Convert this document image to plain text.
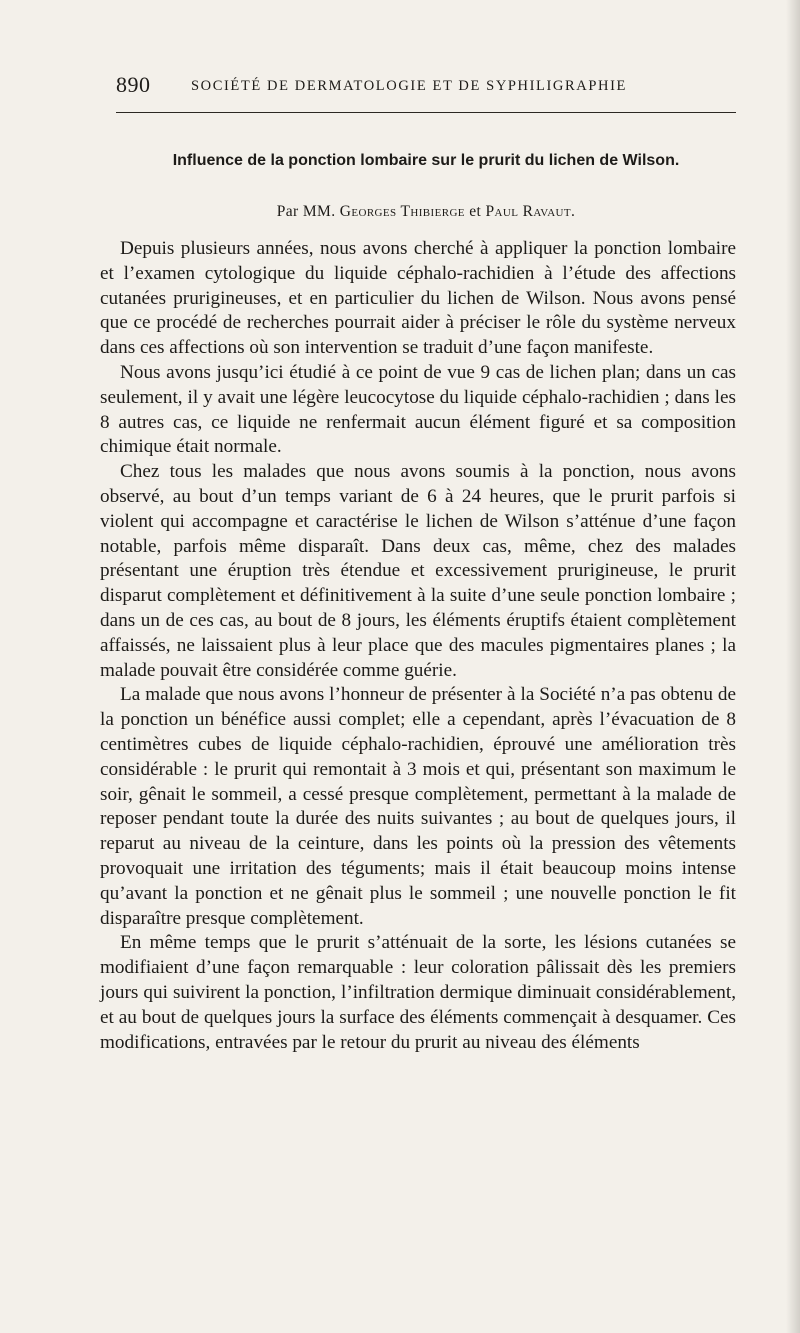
890	SOCIÉTÉ DE DERMATOLOGIE ET DE SYPHILIGRAPHIE
Influence de la ponction lombaire sur le prurit du lichen de Wilson.
Par MM. Georges Thibierge et Paul Ravaut.

Depuis plusieurs années, nous avons cherché à appliquer la ponction lombaire et l’examen cytologique du liquide céphalo-rachidien à l’étude des affections cutanées prurigineuses, et en particulier du lichen de Wilson. Nous avons pensé que ce procédé de recherches pourrait aider à préciser le rôle du système nerveux dans ces affections où son intervention se traduit d’une façon manifeste.

Nous avons jusqu’ici étudié à ce point de vue 9 cas de lichen plan; dans un cas seulement, il y avait une légère leucocytose du liquide céphalo-rachidien ; dans les 8 autres cas, ce liquide ne renfermait aucun élément figuré et sa composition chimique était normale.

Chez tous les malades que nous avons soumis à la ponction, nous avons observé, au bout d’un temps variant de 6 à 24 heures, que le prurit parfois si violent qui accompagne et caractérise le lichen de Wilson s’atténue d’une façon notable, parfois même disparaît. Dans deux cas, même, chez des malades présentant une éruption très étendue et excessivement prurigineuse, le prurit disparut complètement et définitivement à la suite d’une seule ponction lombaire ; dans un de ces cas, au bout de 8 jours, les éléments éruptifs étaient complètement affaissés, ne laissaient plus à leur place que des macules pigmentaires planes ; la malade pouvait être considérée comme guérie.

La malade que nous avons l’honneur de présenter à la Société n’a pas obtenu de la ponction un bénéfice aussi complet; elle a cependant, après l’évacuation de 8 centimètres cubes de liquide céphalo-rachidien, éprouvé une amélioration très considérable : le prurit qui remontait à 3 mois et qui, présentant son maximum le soir, gênait le sommeil, a cessé presque complètement, permettant à la malade de reposer pendant toute la durée des nuits suivantes ; au bout de quelques jours, il reparut au niveau de la ceinture, dans les points où la pression des vêtements provoquait une irritation des téguments; mais il était beaucoup moins intense qu’avant la ponction et ne gênait plus le sommeil ; une nouvelle ponction le fit disparaître presque complètement.

En même temps que le prurit s’atténuait de la sorte, les lésions cutanées se modifiaient d’une façon remarquable : leur coloration pâlissait dès les premiers jours qui suivirent la ponction, l’infiltration dermique diminuait considérablement, et au bout de quelques jours la surface des éléments commençait à desquamer. Ces modifications, entravées par le retour du prurit au niveau des éléments
